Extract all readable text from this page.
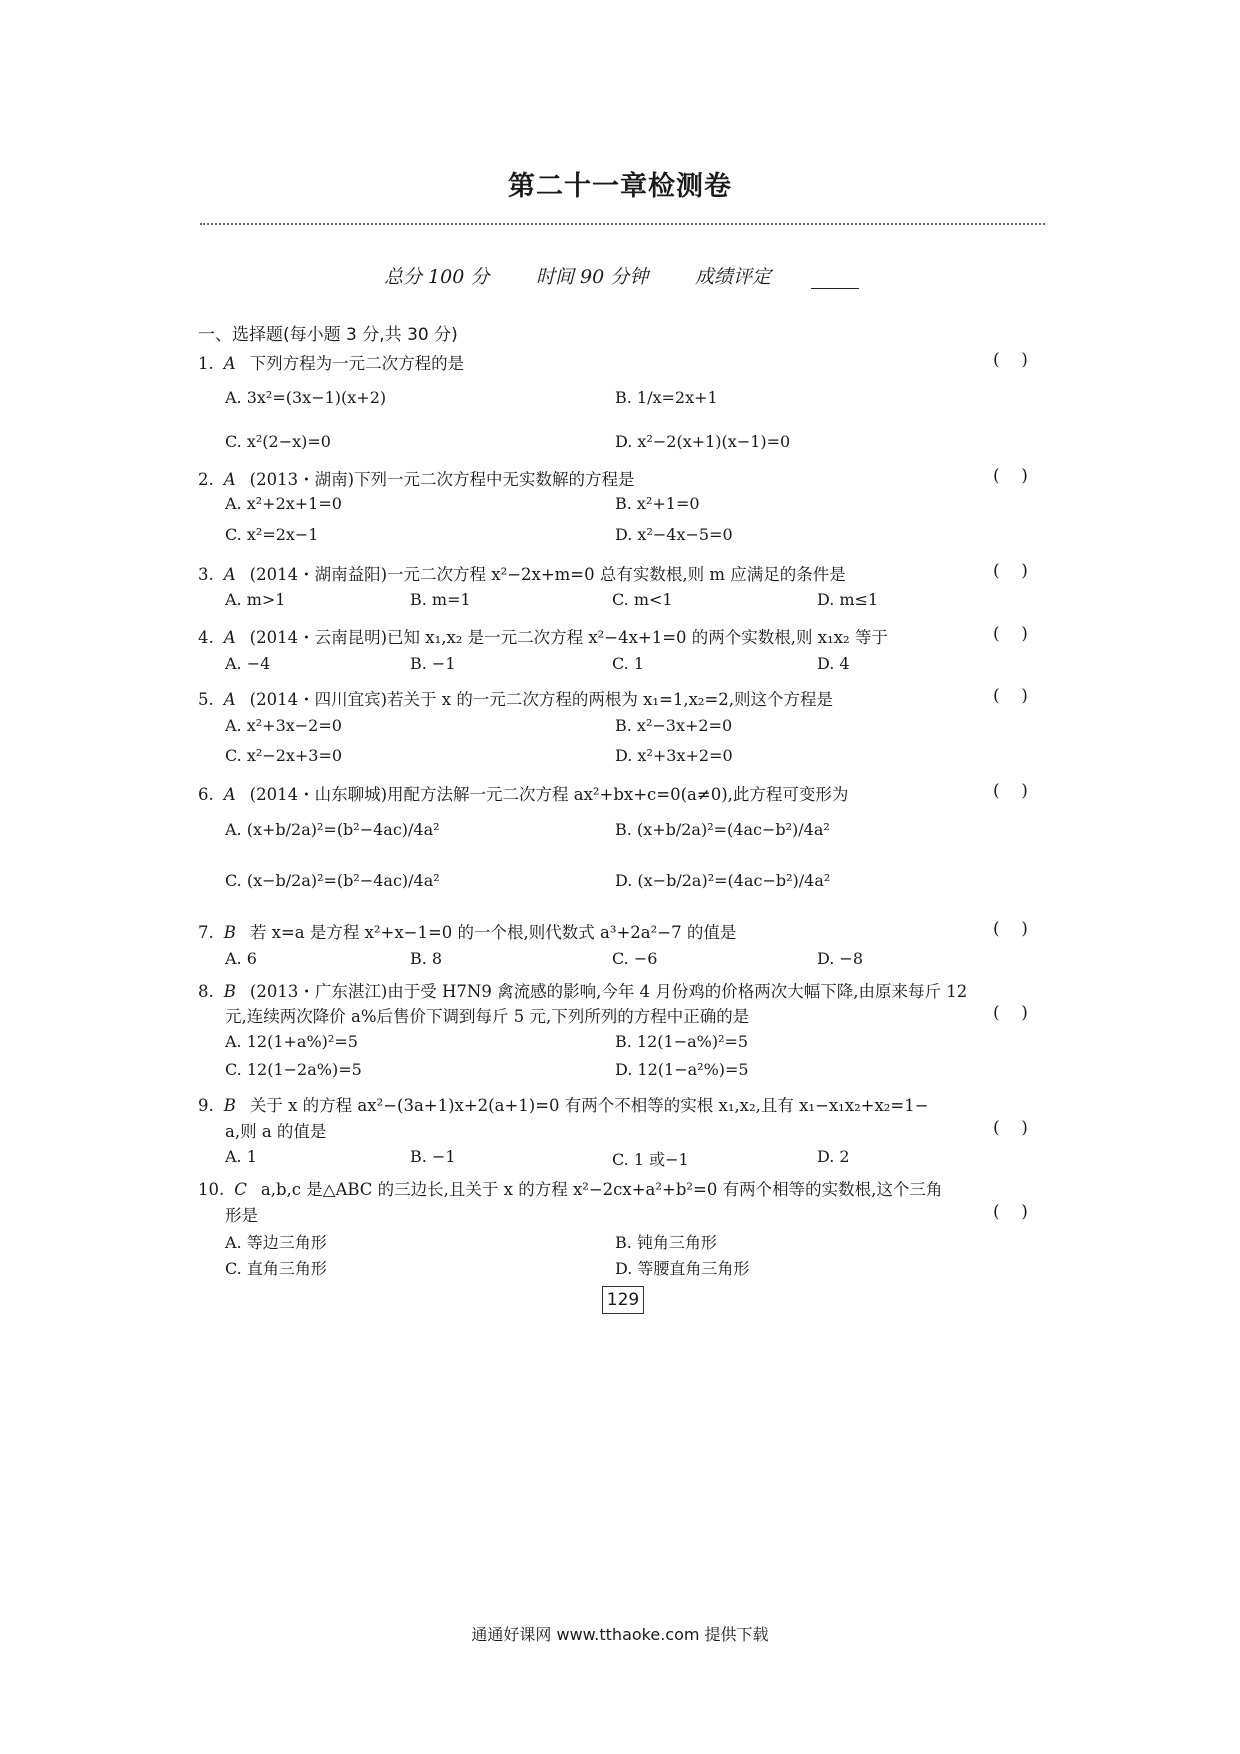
第二十一章检测卷
总分 100 分 时间 90 分钟 成绩评定
一、选择题(每小题 3 分,共 30 分)
1. A 下列方程为一元二次方程的是	(    )
A. 3x²=(3x−1)(x+2)	B. 1/x=2x+1
C. x²(2−x)=0	D. x²−2(x+1)(x−1)=0
2. A (2013・湖南)下列一元二次方程中无实数解的方程是	(    )
A. x²+2x+1=0	B. x²+1=0
C. x²=2x−1	D. x²−4x−5=0
3. A (2014・湖南益阳)一元二次方程 x²−2x+m=0 总有实数根,则 m 应满足的条件是	(    )
A. m>1	B. m=1	C. m<1	D. m≤1
4. A (2014・云南昆明)已知 x₁,x₂ 是一元二次方程 x²−4x+1=0 的两个实数根,则 x₁x₂ 等于	(    )
A. −4	B. −1	C. 1	D. 4
5. A (2014・四川宜宾)若关于 x 的一元二次方程的两根为 x₁=1,x₂=2,则这个方程是	(    )
A. x²+3x−2=0	B. x²−3x+2=0
C. x²−2x+3=0	D. x²+3x+2=0
6. A (2014・山东聊城)用配方法解一元二次方程 ax²+bx+c=0(a≠0),此方程可变形为	(    )
A. (x+b/2a)²=(b²−4ac)/4a²	B. (x+b/2a)²=(4ac−b²)/4a²
C. (x−b/2a)²=(b²−4ac)/4a²	D. (x−b/2a)²=(4ac−b²)/4a²
7. B 若 x=a 是方程 x²+x−1=0 的一个根,则代数式 a³+2a²−7 的值是	(    )
A. 6	B. 8	C. −6	D. −8
8. B (2013・广东湛江)由于受 H7N9 禽流感的影响,今年 4 月份鸡的价格两次大幅下降,由原来每斤 12
元,连续两次降价 a%后售价下调到每斤 5 元,下列所列的方程中正确的是	(    )
A. 12(1+a%)²=5	B. 12(1−a%)²=5
C. 12(1−2a%)=5	D. 12(1−a²%)=5
9. B 关于 x 的方程 ax²−(3a+1)x+2(a+1)=0 有两个不相等的实根 x₁,x₂,且有 x₁−x₁x₂+x₂=1−
a,则 a 的值是	(    )
A. 1	B. −1	C. 1 或−1	D. 2
10. C a,b,c 是△ABC 的三边长,且关于 x 的方程 x²−2cx+a²+b²=0 有两个相等的实数根,这个三角
形是	(    )
A. 等边三角形	B. 钝角三角形
C. 直角三角形	D. 等腰直角三角形
129
通通好课网 www.tthaoke.com 提供下载
